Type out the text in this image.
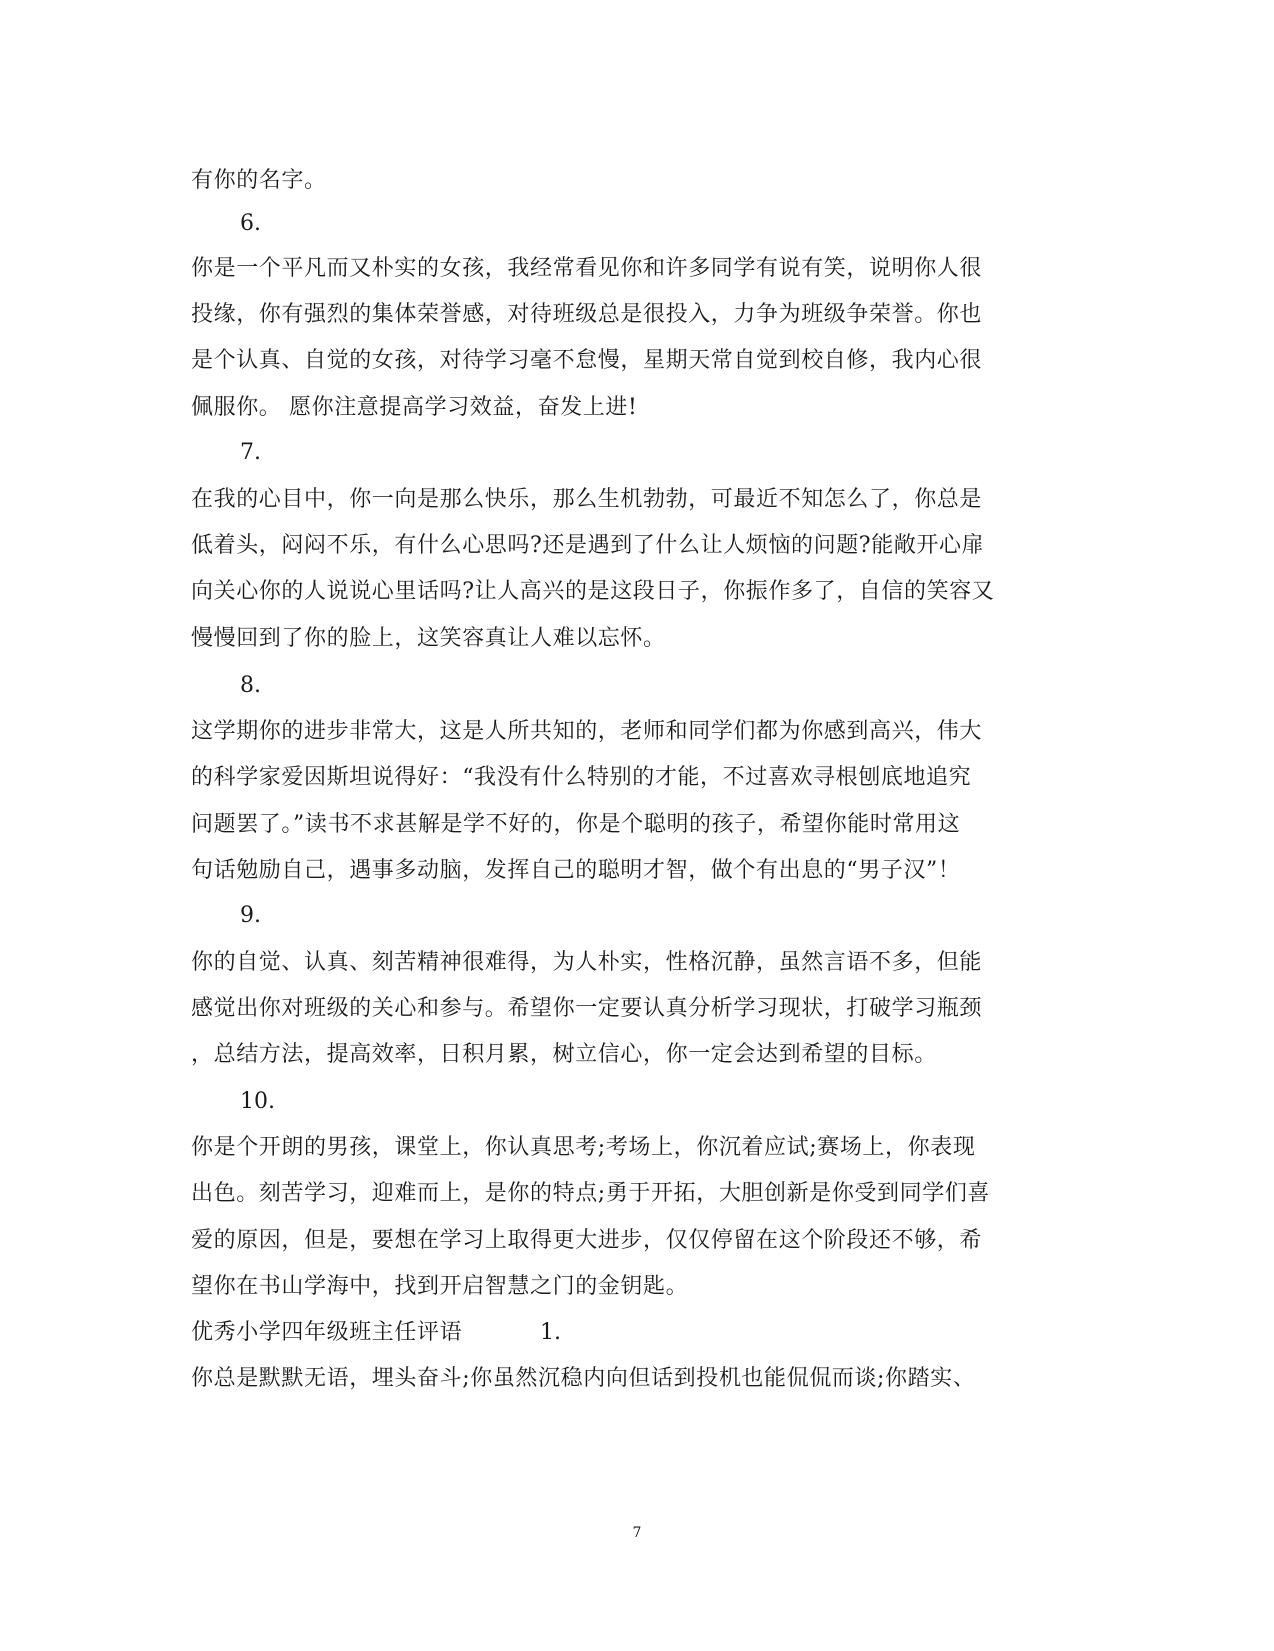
有你的名字。
6.
你是一个平凡而又朴实的女孩，我经常看见你和许多同学有说有笑，说明你人很
投缘，你有强烈的集体荣誉感，对待班级总是很投入，力争为班级争荣誉。你也
是个认真、自觉的女孩，对待学习毫不怠慢，星期天常自觉到校自修，我内心很
佩服你。 愿你注意提高学习效益，奋发上进!
7.
在我的心目中，你一向是那么快乐，那么生机勃勃，可最近不知怎么了，你总是
低着头，闷闷不乐，有什么心思吗?还是遇到了什么让人烦恼的问题?能敞开心扉
向关心你的人说说心里话吗?让人高兴的是这段日子，你振作多了，自信的笑容又
慢慢回到了你的脸上，这笑容真让人难以忘怀。
8.
这学期你的进步非常大，这是人所共知的，老师和同学们都为你感到高兴，伟大
的科学家爱因斯坦说得好：“我没有什么特别的才能，不过喜欢寻根刨底地追究
问题罢了。”读书不求甚解是学不好的，你是个聪明的孩子，希望你能时常用这
句话勉励自己，遇事多动脑，发挥自己的聪明才智，做个有出息的“男子汉”！
9.
你的自觉、认真、刻苦精神很难得，为人朴实，性格沉静，虽然言语不多，但能
感觉出你对班级的关心和参与。希望你一定要认真分析学习现状，打破学习瓶颈
，总结方法，提高效率，日积月累，树立信心，你一定会达到希望的目标。
10.
你是个开朗的男孩，课堂上，你认真思考;考场上，你沉着应试;赛场上，你表现
出色。刻苦学习，迎难而上，是你的特点;勇于开拓，大胆创新是你受到同学们喜
爱的原因，但是，要想在学习上取得更大进步，仅仅停留在这个阶段还不够，希
望你在书山学海中，找到开启智慧之门的金钥匙。
优秀小学四年级班主任评语	1.
你总是默默无语，埋头奋斗;你虽然沉稳内向但话到投机也能侃侃而谈;你踏实、
7
